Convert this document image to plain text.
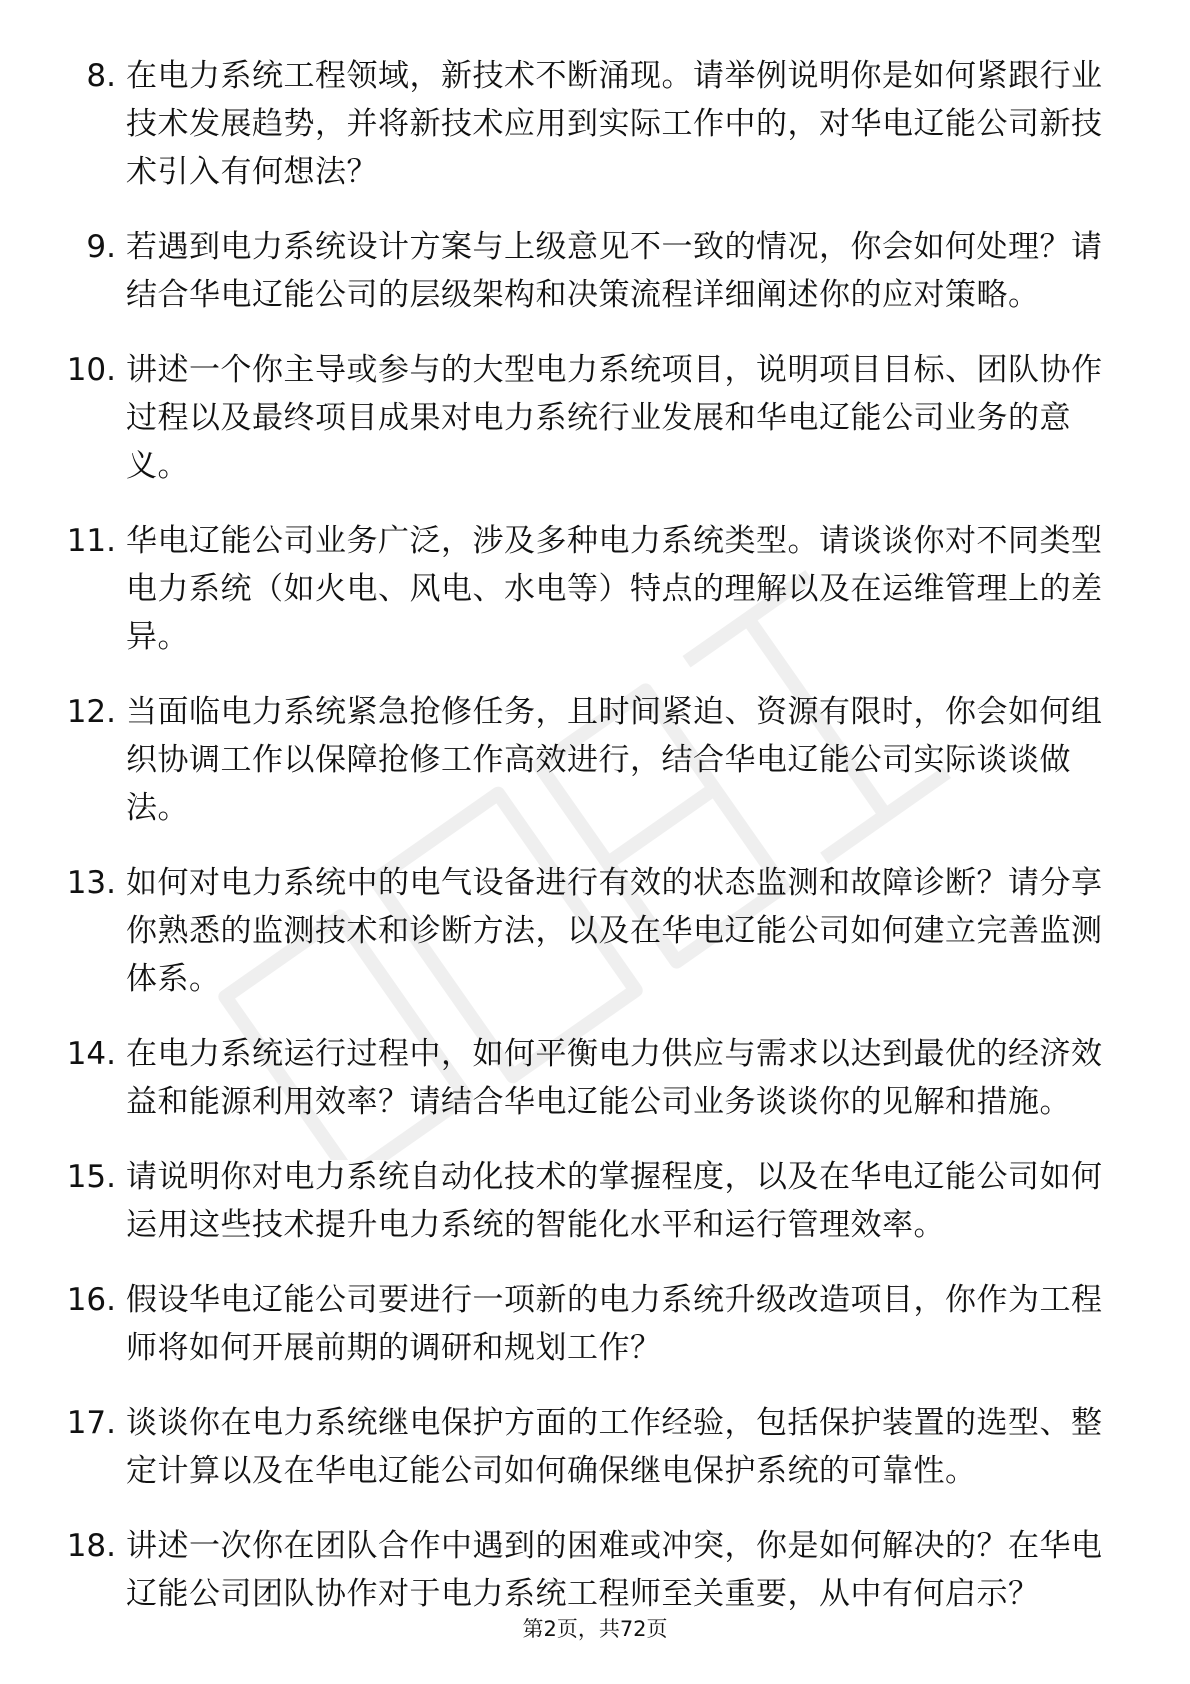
8. 在电力系统工程领域，新技术不断涌现。请举例说明你是如何紧跟行业技术发展趋势，并将新技术应用到实际工作中的，对华电辽能公司新技术引入有何想法？
9. 若遇到电力系统设计方案与上级意见不一致的情况，你会如何处理？请结合华电辽能公司的层级架构和决策流程详细阐述你的应对策略。
10. 讲述一个你主导或参与的大型电力系统项目，说明项目目标、团队协作过程以及最终项目成果对电力系统行业发展和华电辽能公司业务的意义。
11. 华电辽能公司业务广泛，涉及多种电力系统类型。请谈谈你对不同类型电力系统（如火电、风电、水电等）特点的理解以及在运维管理上的差异。
12. 当面临电力系统紧急抢修任务，且时间紧迫、资源有限时，你会如何组织协调工作以保障抢修工作高效进行，结合华电辽能公司实际谈谈做法。
13. 如何对电力系统中的电气设备进行有效的状态监测和故障诊断？请分享你熟悉的监测技术和诊断方法，以及在华电辽能公司如何建立完善监测体系。
14. 在电力系统运行过程中，如何平衡电力供应与需求以达到最优的经济效益和能源利用效率？请结合华电辽能公司业务谈谈你的见解和措施。
15. 请说明你对电力系统自动化技术的掌握程度，以及在华电辽能公司如何运用这些技术提升电力系统的智能化水平和运行管理效率。
16. 假设华电辽能公司要进行一项新的电力系统升级改造项目，你作为工程师将如何开展前期的调研和规划工作？
17. 谈谈你在电力系统继电保护方面的工作经验，包括保护装置的选型、整定计算以及在华电辽能公司如何确保继电保护系统的可靠性。
18. 讲述一次你在团队合作中遇到的困难或冲突，你是如何解决的？在华电辽能公司团队协作对于电力系统工程师至关重要，从中有何启示？
第2页，共72页
